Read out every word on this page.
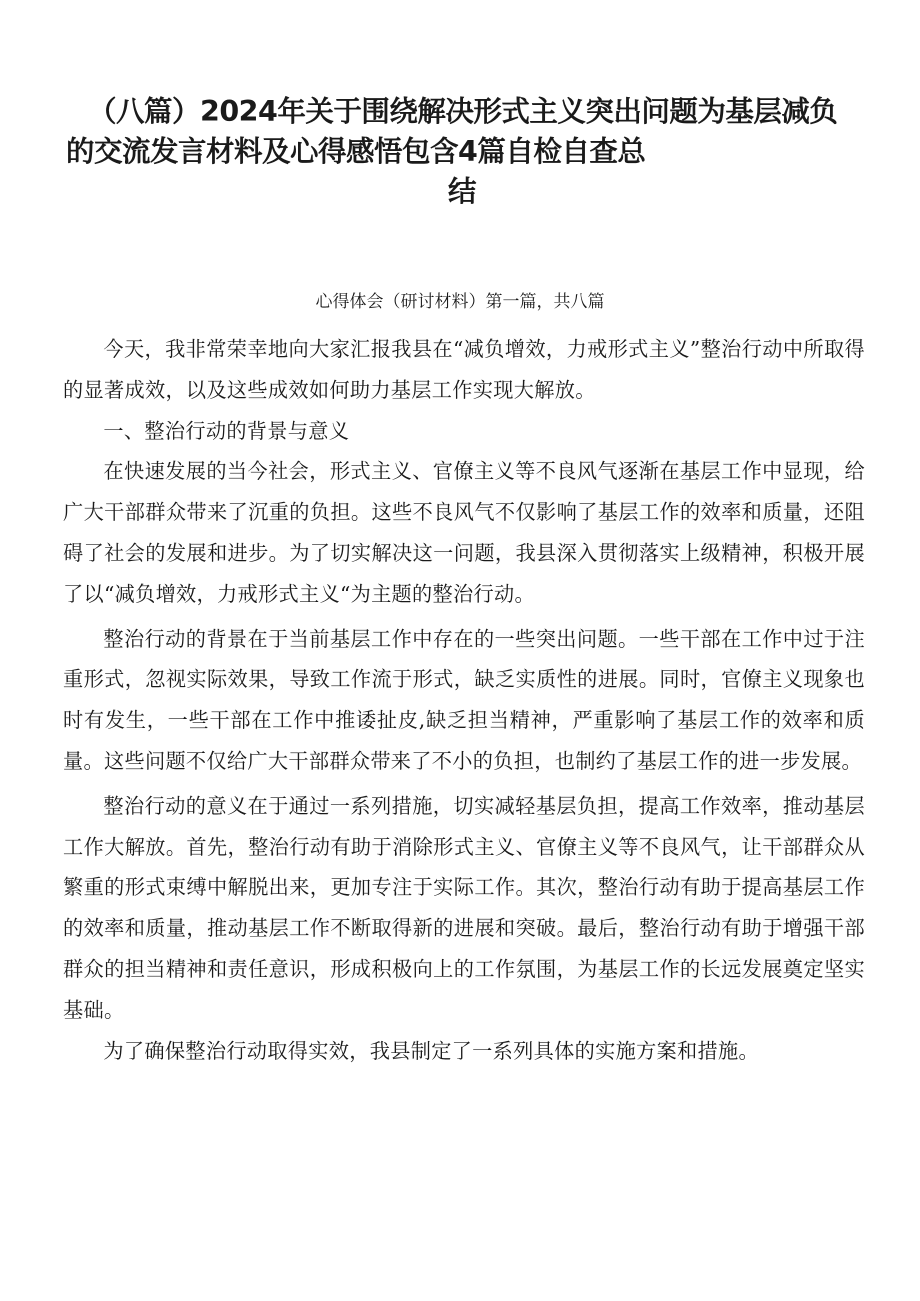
（八篇）2024年关于围绕解决形式主义突出问题为基层减负
的交流发言材料及心得感悟包含4篇自检自查总
结

心得体会（研讨材料）第一篇，共八篇

今天，我非常荣幸地向大家汇报我县在“减负增效，力戒形式主义”整治行动中所取得的显著成效，以及这些成效如何助力基层工作实现大解放。

一、整治行动的背景与意义

在快速发展的当今社会，形式主义、官僚主义等不良风气逐渐在基层工作中显现，给广大干部群众带来了沉重的负担。这些不良风气不仅影响了基层工作的效率和质量，还阻碍了社会的发展和进步。为了切实解决这一问题，我县深入贯彻落实上级精神，积极开展了以“减负增效，力戒形式主义“为主题的整治行动。

整治行动的背景在于当前基层工作中存在的一些突出问题。一些干部在工作中过于注重形式，忽视实际效果，导致工作流于形式，缺乏实质性的进展。同时，官僚主义现象也时有发生，一些干部在工作中推诿扯皮,缺乏担当精神，严重影响了基层工作的效率和质量。这些问题不仅给广大干部群众带来了不小的负担，也制约了基层工作的进一步发展。

整治行动的意义在于通过一系列措施，切实减轻基层负担，提高工作效率，推动基层工作大解放。首先，整治行动有助于消除形式主义、官僚主义等不良风气，让干部群众从繁重的形式束缚中解脱出来，更加专注于实际工作。其次，整治行动有助于提高基层工作的效率和质量，推动基层工作不断取得新的进展和突破。最后，整治行动有助于增强干部群众的担当精神和责任意识，形成积极向上的工作氛围，为基层工作的长远发展奠定坚实基础。

为了确保整治行动取得实效，我县制定了一系列具体的实施方案和措施。
